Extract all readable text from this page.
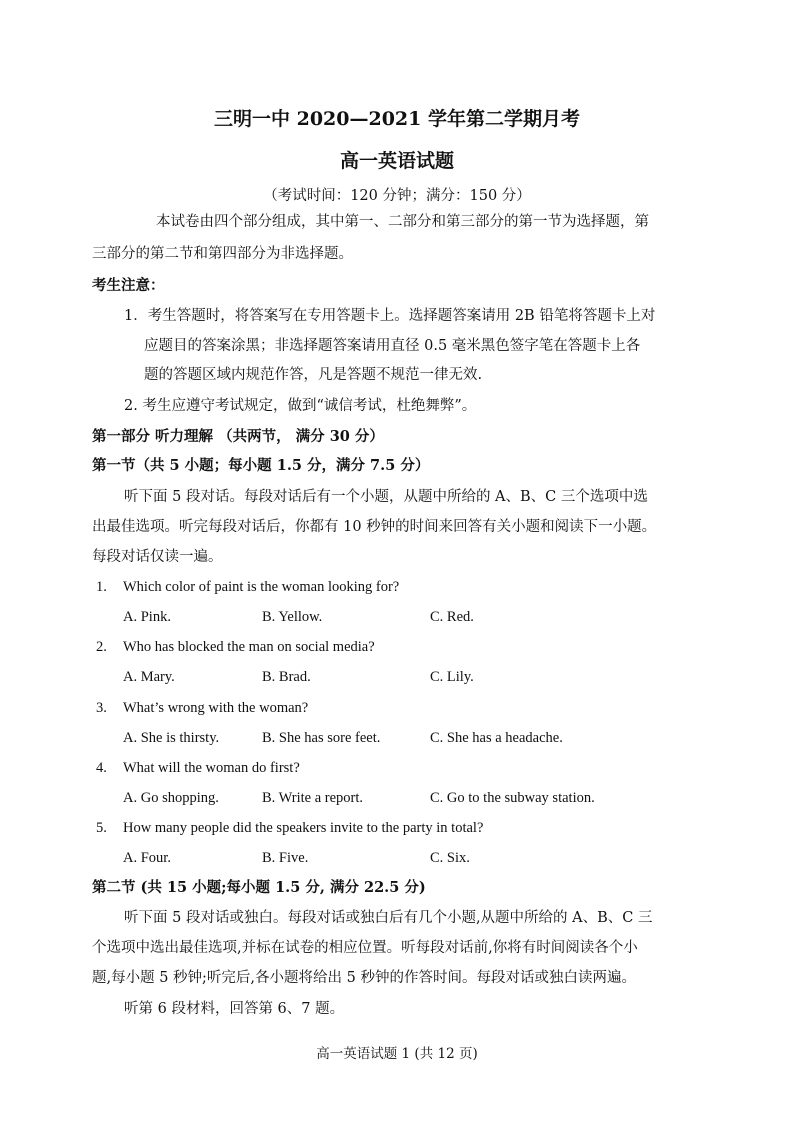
三明一中 2020—2021 学年第二学期月考
高一英语试题
（考试时间：120 分钟；满分：150 分）
本试卷由四个部分组成，其中第一、二部分和第三部分的第一节为选择题，第
三部分的第二节和第四部分为非选择题。
考生注意：
1．考生答题时，将答案写在专用答题卡上。选择题答案请用 2B 铅笔将答题卡上对
应题目的答案涂黑；非选择题答案请用直径 0.5 毫米黑色签字笔在答题卡上各
题的答题区域内规范作答，凡是答题不规范一律无效.
2. 考生应遵守考试规定，做到“诚信考试，杜绝舞弊”。
第一部分 听力理解 （共两节， 满分 30 分）
第一节（共 5 小题；每小题 1.5 分，满分 7.5 分）
听下面 5 段对话。每段对话后有一个小题，从题中所给的 A、B、C 三个选项中选
出最佳选项。听完每段对话后，你都有 10 秒钟的时间来回答有关小题和阅读下一小题。
每段对话仅读一遍。
1. Which color of paint is the woman looking for?
A. Pink.	B. Yellow.	C. Red.
2. Who has blocked the man on social media?
A. Mary.	B. Brad.	C. Lily.
3. What’s wrong with the woman?
A. She is thirsty.	B. She has sore feet.	C. She has a headache.
4. What will the woman do first?
A. Go shopping.	B. Write a report.	C. Go to the subway station.
5. How many people did the speakers invite to the party in total?
A. Four.	B. Five.	C. Six.
第二节 (共 15 小题;每小题 1.5 分, 满分 22.5 分)
听下面 5 段对话或独白。每段对话或独白后有几个小题,从题中所给的 A、B、C 三
个选项中选出最佳选项,并标在试卷的相应位置。听每段对话前,你将有时间阅读各个小
题,每小题 5 秒钟;听完后,各小题将给出 5 秒钟的作答时间。每段对话或独白读两遍。
听第 6 段材料，回答第 6、7 题。
高一英语试题 1 (共 12 页)
